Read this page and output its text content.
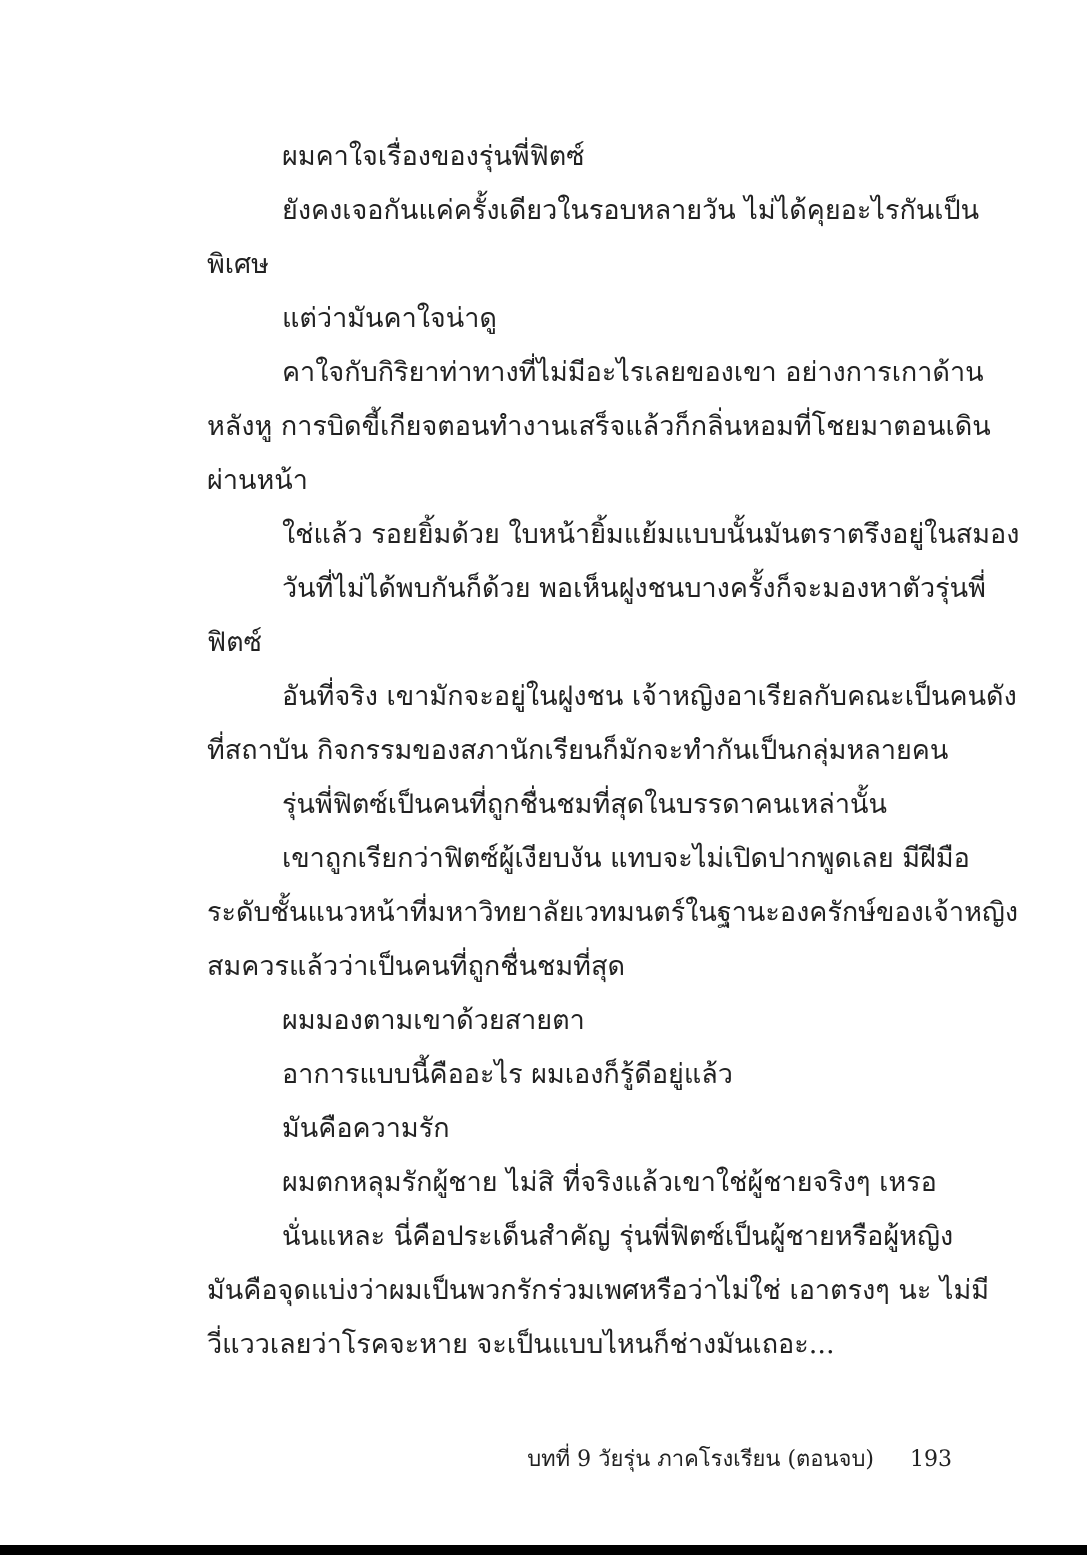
ผมคาใจเรื่องของรุ่นพี่ฟิตซ์
ยังคงเจอกันแค่ครั้งเดียวในรอบหลายวัน ไม่ได้คุยอะไรกันเป็น
พิเศษ
แต่ว่ามันคาใจน่าดู
คาใจกับกิริยาท่าทางที่ไม่มีอะไรเลยของเขา อย่างการเกาด้าน
หลังหู การบิดขี้เกียจตอนทำงานเสร็จแล้วก็กลิ่นหอมที่โชยมาตอนเดิน
ผ่านหน้า
ใช่แล้ว รอยยิ้มด้วย ใบหน้ายิ้มแย้มแบบนั้นมันตราตรึงอยู่ในสมอง
วันที่ไม่ได้พบกันก็ด้วย พอเห็นฝูงชนบางครั้งก็จะมองหาตัวรุ่นพี่
ฟิตซ์
อันที่จริง เขามักจะอยู่ในฝูงชน เจ้าหญิงอาเรียลกับคณะเป็นคนดัง
ที่สถาบัน กิจกรรมของสภานักเรียนก็มักจะทำกันเป็นกลุ่มหลายคน
รุ่นพี่ฟิตซ์เป็นคนที่ถูกชื่นชมที่สุดในบรรดาคนเหล่านั้น
เขาถูกเรียกว่าฟิตซ์ผู้เงียบงัน แทบจะไม่เปิดปากพูดเลย มีฝีมือ
ระดับชั้นแนวหน้าที่มหาวิทยาลัยเวทมนตร์ในฐานะองครักษ์ของเจ้าหญิง
สมควรแล้วว่าเป็นคนที่ถูกชื่นชมที่สุด
ผมมองตามเขาด้วยสายตา
อาการแบบนี้คืออะไร ผมเองก็รู้ดีอยู่แล้ว
มันคือความรัก
ผมตกหลุมรักผู้ชาย ไม่สิ ที่จริงแล้วเขาใช่ผู้ชายจริงๆ เหรอ
นั่นแหละ นี่คือประเด็นสำคัญ รุ่นพี่ฟิตซ์เป็นผู้ชายหรือผู้หญิง
มันคือจุดแบ่งว่าผมเป็นพวกรักร่วมเพศหรือว่าไม่ใช่ เอาตรงๆ นะ ไม่มี
วี่แววเลยว่าโรคจะหาย จะเป็นแบบไหนก็ช่างมันเถอะ...
บทที่ 9 วัยรุ่น ภาคโรงเรียน (ตอนจบ) 193
